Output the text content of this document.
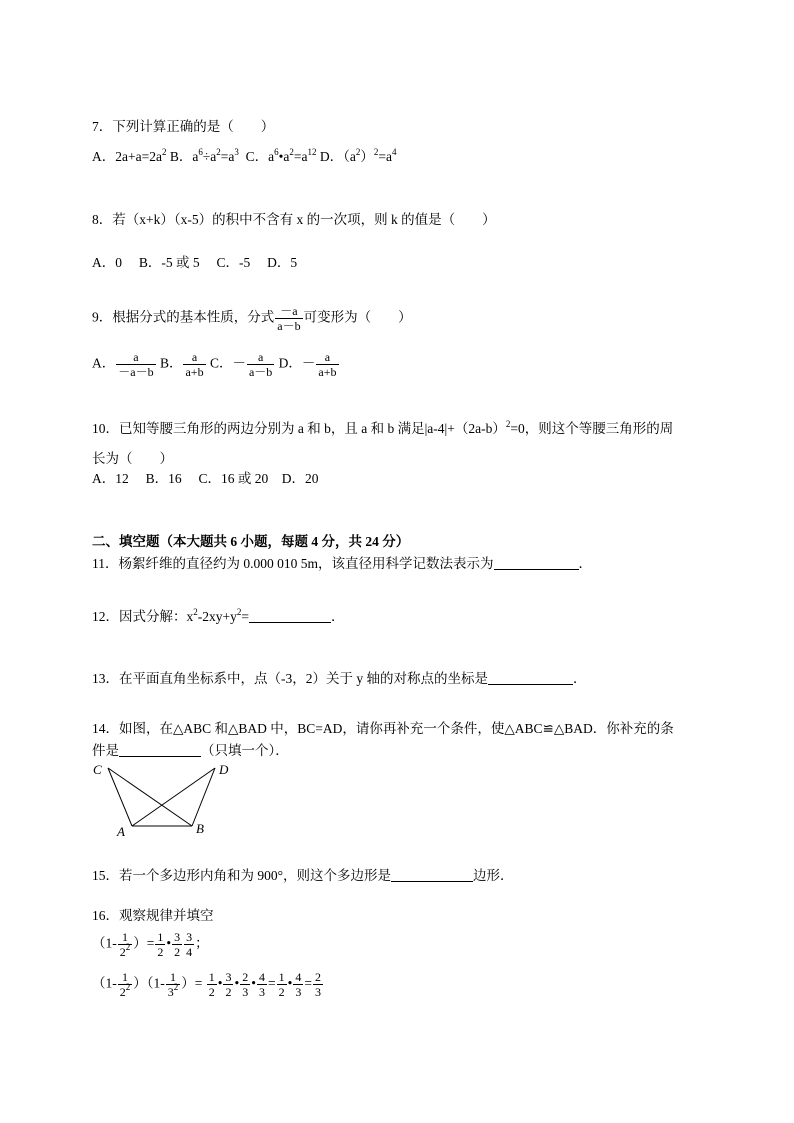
7．下列计算正确的是（　　）
A．$2a+a=2a^2$ B．$a^6\div a^2=a^3$ C．$a^6•a^2=a^{12}$ D．$(a^2)^2=a^4$
8．若（x+k）（x-5）的积中不含有 x 的一次项，则 k 的值是（　　）
A．0　 B．-5 或 5　 C．-5　 D．5
9．根据分式的基本性质，分式 $\frac{-a}{a-b}$ 可变形为（　　）
A． $\frac{a}{-a-b}$ B． $\frac{a}{a+b}$ C．－ $\frac{a}{a-b}$ D．－ $\frac{a}{a+b}$
10．已知等腰三角形的两边分别为 a 和 b，且 a 和 b 满足$|a-4|+(2a-b)^2=0$，则这个等腰三角形的周
长为（　　）
A．12　 B．16　 C．16 或 20　D．20
二、填空题（本大题共 6 小题，每题 4 分，共 24 分）
11．杨絮纤维的直径约为 0.000 010 5m，该直径用科学记数法表示为	．
12．因式分解：$x^2-2xy+y^2=$	．
13．在平面直角坐标系中，点（-3，2）关于 y 轴的对称点的坐标是	．
14．如图，在△ABC 和△BAD 中，BC=AD，请你再补充一个条件，使△ABC≌△BAD．你补充的条
件是	（只填一个）．
C	D
A	B
15．若一个多边形内角和为 900°，则这个多边形是	边形．
16．观察规律并填空
（$1- \frac{1}{2^2}$ ）= $\frac{1}{2}$ • $\frac{3}{2} \frac{3}{4}$ ；
$(1- \frac{1}{2^2} )(1- \frac{1}{3^2}$ ）= $\frac{1}{2}$ • $\frac{3}{2}$ • $\frac{2}{3}$ • $\frac{4}{3} = \frac{1}{2}$ • $\frac{4}{3} = \frac{2}{3}$
